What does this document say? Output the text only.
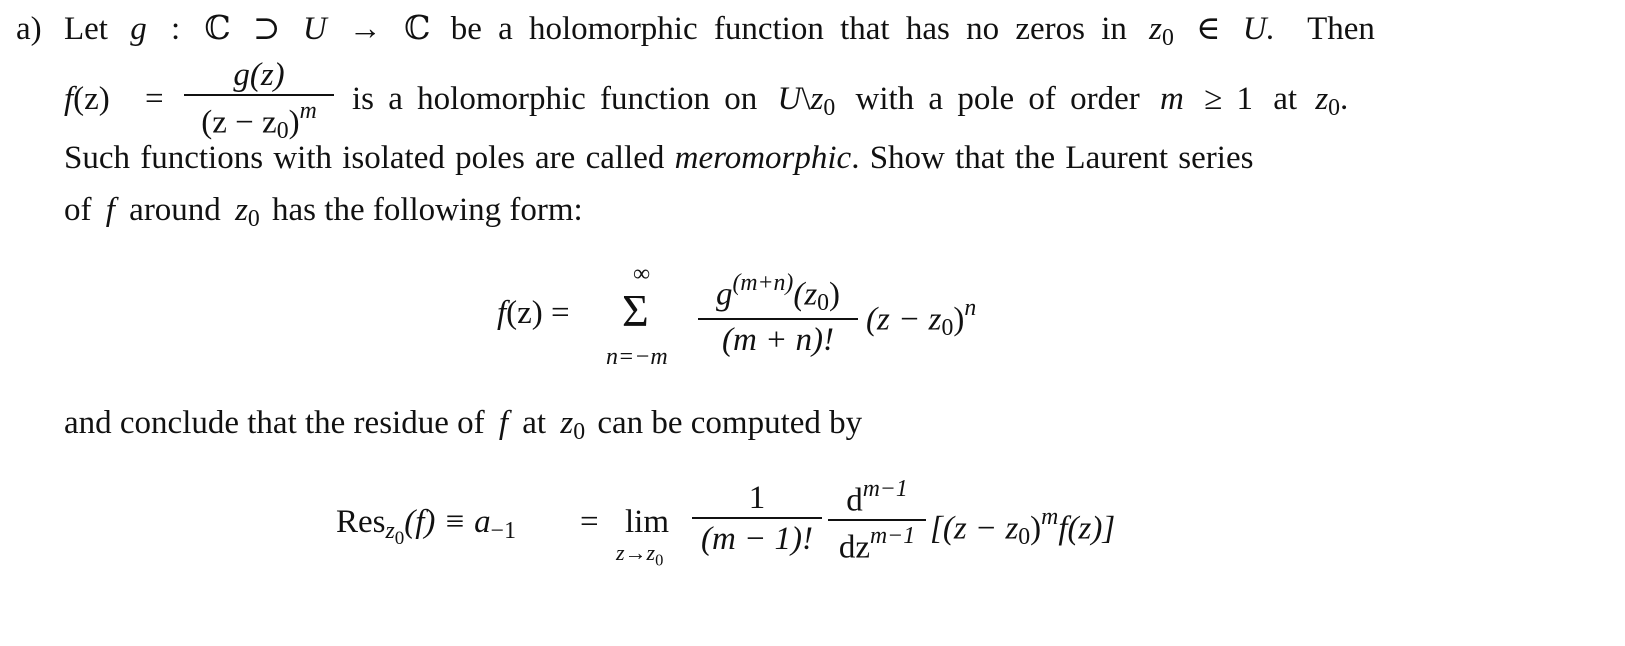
a) Let g : ℂ ⊃ U → ℂ be a holomorphic function that has no zeros in $z_0$ ∈ U. Then
f(z) =
g(z)
$(z - z_0)^m$ is a holomorphic function on $U\backslash z_0$ with a pole of order m ≥ 1 at $z_0$.
Such functions with isolated poles are called meromorphic. Show that the Laurent series
of f around $z_0$ has the following form:
f(z) =
∞
Σ
n=−m
$g^{(m+n)}(z_0)$
(m + n)!
$(z - z_0)^n$
and conclude that the residue of f at $z_0$ can be computed by
$Res_{z_0}(f) \equiv a_{-1} = \lim$
$z\to z_0$
1
(m − 1)!
$d^{m-1}$
$dz^{m-1}$ $[(z - z_0)^mf(z)]$
